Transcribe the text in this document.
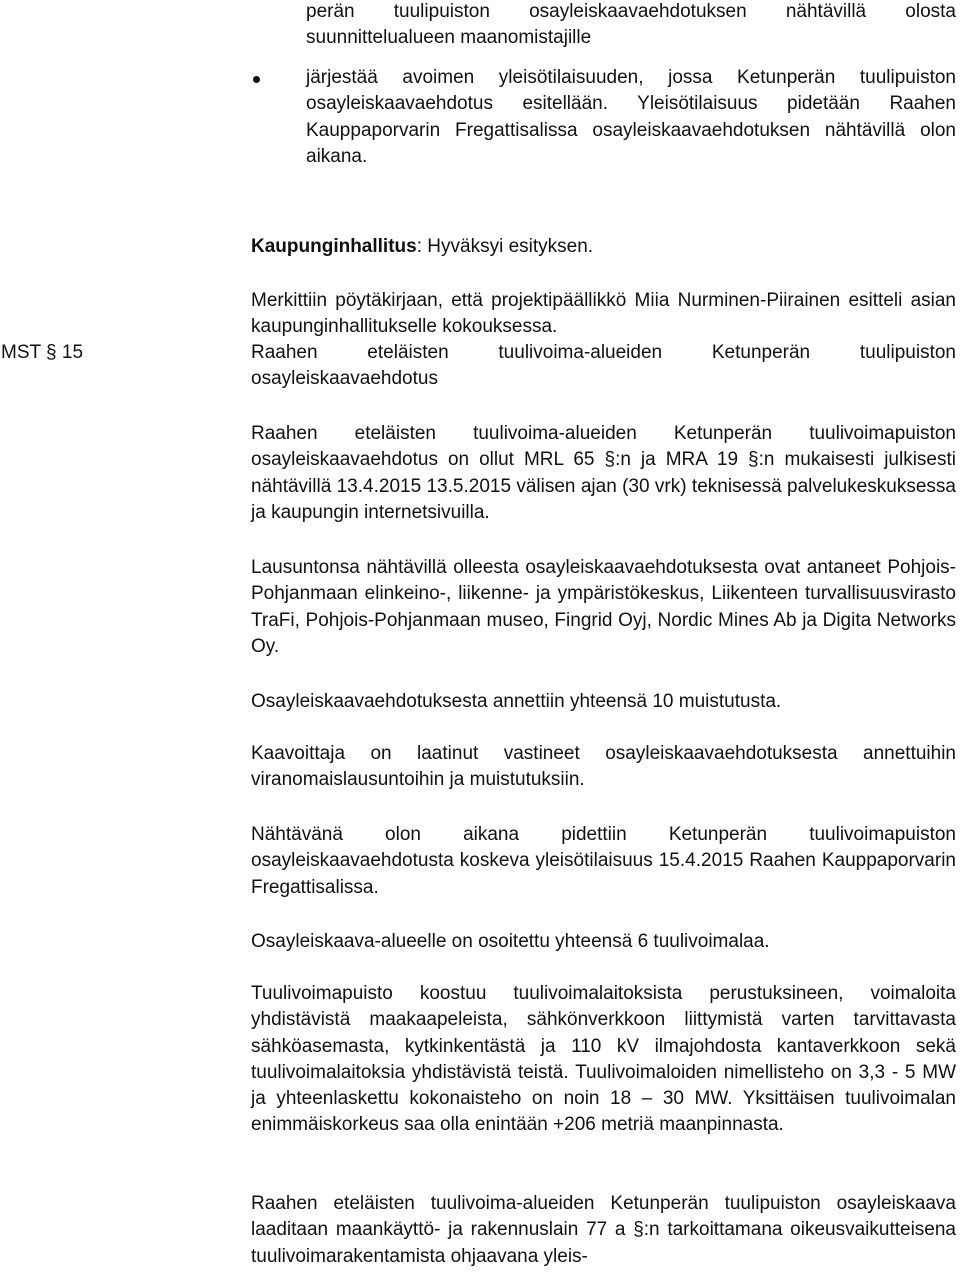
perän tuulipuiston osayleiskaavaehdotuksen nähtävillä olosta suunnittelualueen maanomistajille

järjestää avoimen yleisötilaisuuden, jossa Ketunperän tuulipuiston osayleiskaavaehdotus esitellään. Yleisötilaisuus pidetään Raahen Kauppaporvarin Fregattisalissa osayleiskaavaehdotuksen nähtävillä olon aikana.

Kaupunginhallitus: Hyväksyi esityksen.

Merkittiin pöytäkirjaan, että projektipäällikkö Miia Nurminen-Piirainen esitteli asian kaupunginhallitukselle kokouksessa.

MST § 15	Raahen eteläisten tuulivoima-alueiden Ketunperän tuulipuiston osayleiskaavaehdotus

Raahen eteläisten tuulivoima-alueiden Ketunperän tuulivoimapuiston osayleiskaavaehdotus on ollut MRL 65 §:n ja MRA 19 §:n mukaisesti julkisesti nähtävillä 13.4.2015 13.5.2015 välisen ajan (30 vrk) teknisessä palvelukeskuksessa ja kaupungin internetsivuilla.

Lausuntonsa nähtävillä olleesta osayleiskaavaehdotuksesta ovat antaneet Pohjois-Pohjanmaan elinkeino-, liikenne- ja ympäristökeskus, Liikenteen turvallisuusvirasto TraFi, Pohjois-Pohjanmaan museo, Fingrid Oyj, Nordic Mines Ab ja Digita Networks Oy.

Osayleiskaavaehdotuksesta annettiin yhteensä 10 muistutusta.

Kaavoittaja on laatinut vastineet osayleiskaavaehdotuksesta annettuihin viranomaislausuntoihin ja muistutuksiin.

Nähtävänä olon aikana pidettiin Ketunperän tuulivoimapuiston osayleiskaavaehdotusta koskeva yleisötilaisuus 15.4.2015 Raahen Kauppaporvarin Fregattisalissa.

Osayleiskaava-alueelle on osoitettu yhteensä 6 tuulivoimalaa.

Tuulivoimapuisto koostuu tuulivoimalaitoksista perustuksineen, voimaloita yhdistävistä maakaapeleista, sähkönverkkoon liittymistä varten tarvittavasta sähköasemasta, kytkinkentästä ja 110 kV ilmajohdosta kantaverkkoon sekä tuulivoimalaitoksia yhdistävistä teistä. Tuulivoimaloiden nimellisteho on 3,3 - 5 MW ja yhteenlaskettu kokonaisteho on noin 18 – 30 MW. Yksittäisen tuulivoimalan enimmäiskorkeus saa olla enintään +206 metriä maanpinnasta.

Raahen eteläisten tuulivoima-alueiden Ketunperän tuulipuiston osayleiskaava laaditaan maankäyttö- ja rakennuslain 77 a §:n tarkoittamana oikeusvaikutteisena tuulivoimarakentamista ohjaavana yleis-
